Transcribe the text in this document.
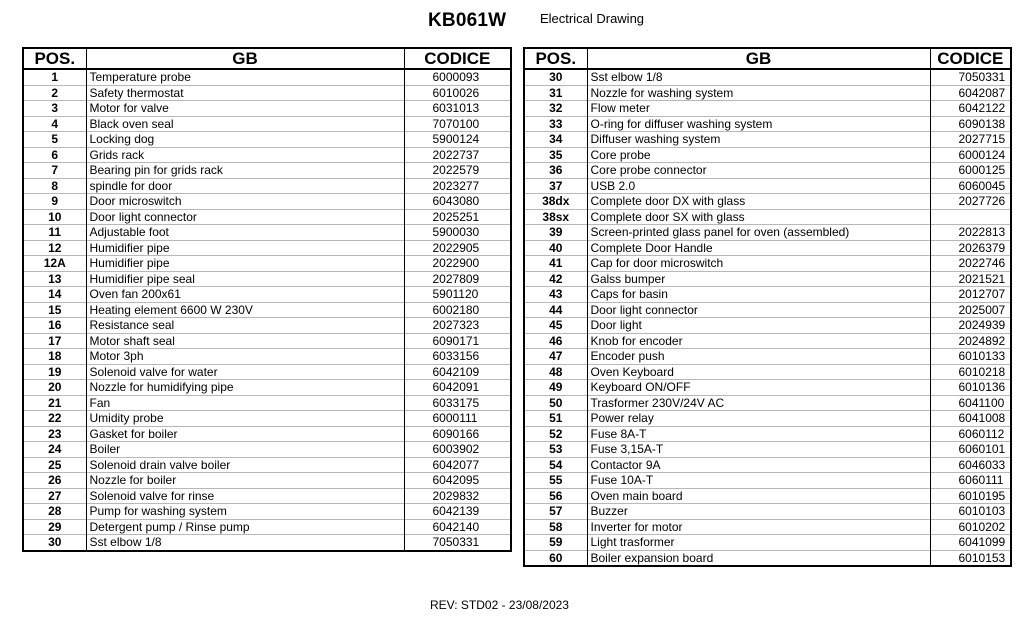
KB061W	Electrical Drawing
POS.	GB	CODICE
1	Temperature probe	6000093
2	Safety thermostat	6010026
3	Motor for valve	6031013
4	Black oven seal	7070100
5	Locking dog	5900124
6	Grids rack	2022737
7	Bearing pin for grids rack	2022579
8	spindle for door	2023277
9	Door microswitch	6043080
10	Door light connector	2025251
11	Adjustable foot	5900030
12	Humidifier pipe	2022905
12A	Humidifier pipe	2022900
13	Humidifier pipe seal	2027809
14	Oven fan 200x61	5901120
15	Heating element 6600 W 230V	6002180
16	Resistance seal	2027323
17	Motor shaft seal	6090171
18	Motor 3ph	6033156
19	Solenoid valve for water	6042109
20	Nozzle for humidifying pipe	6042091
21	Fan	6033175
22	Umidity probe	6000111
23	Gasket for boiler	6090166
24	Boiler	6003902
25	Solenoid drain valve boiler	6042077
26	Nozzle for boiler	6042095
27	Solenoid valve for rinse	2029832
28	Pump for washing system	6042139
29	Detergent pump / Rinse pump	6042140
30	Sst elbow 1/8	7050331
POS.	GB	CODICE
30	Sst elbow 1/8	7050331
31	Nozzle for washing system	6042087
32	Flow meter	6042122
33	O-ring for diffuser washing system	6090138
34	Diffuser washing system	2027715
35	Core probe	6000124
36	Core probe connector	6000125
37	USB 2.0	6060045
38dx	Complete door DX with glass	2027726
38sx	Complete door SX with glass	
39	Screen-printed glass panel for oven (assembled)	2022813
40	Complete Door Handle	2026379
41	Cap for door microswitch	2022746
42	Galss bumper	2021521
43	Caps for basin	2012707
44	Door light connector	2025007
45	Door light	2024939
46	Knob for encoder	2024892
47	Encoder push	6010133
48	Oven Keyboard	6010218
49	Keyboard ON/OFF	6010136
50	Trasformer 230V/24V AC	6041100
51	Power relay	6041008
52	Fuse 8A-T	6060112
53	Fuse 3,15A-T	6060101
54	Contactor 9A	6046033
55	Fuse 10A-T	6060111
56	Oven main board	6010195
57	Buzzer	6010103
58	Inverter for motor	6010202
59	Light trasformer	6041099
60	Boiler expansion board	6010153
REV: STD02 - 23/08/2023
